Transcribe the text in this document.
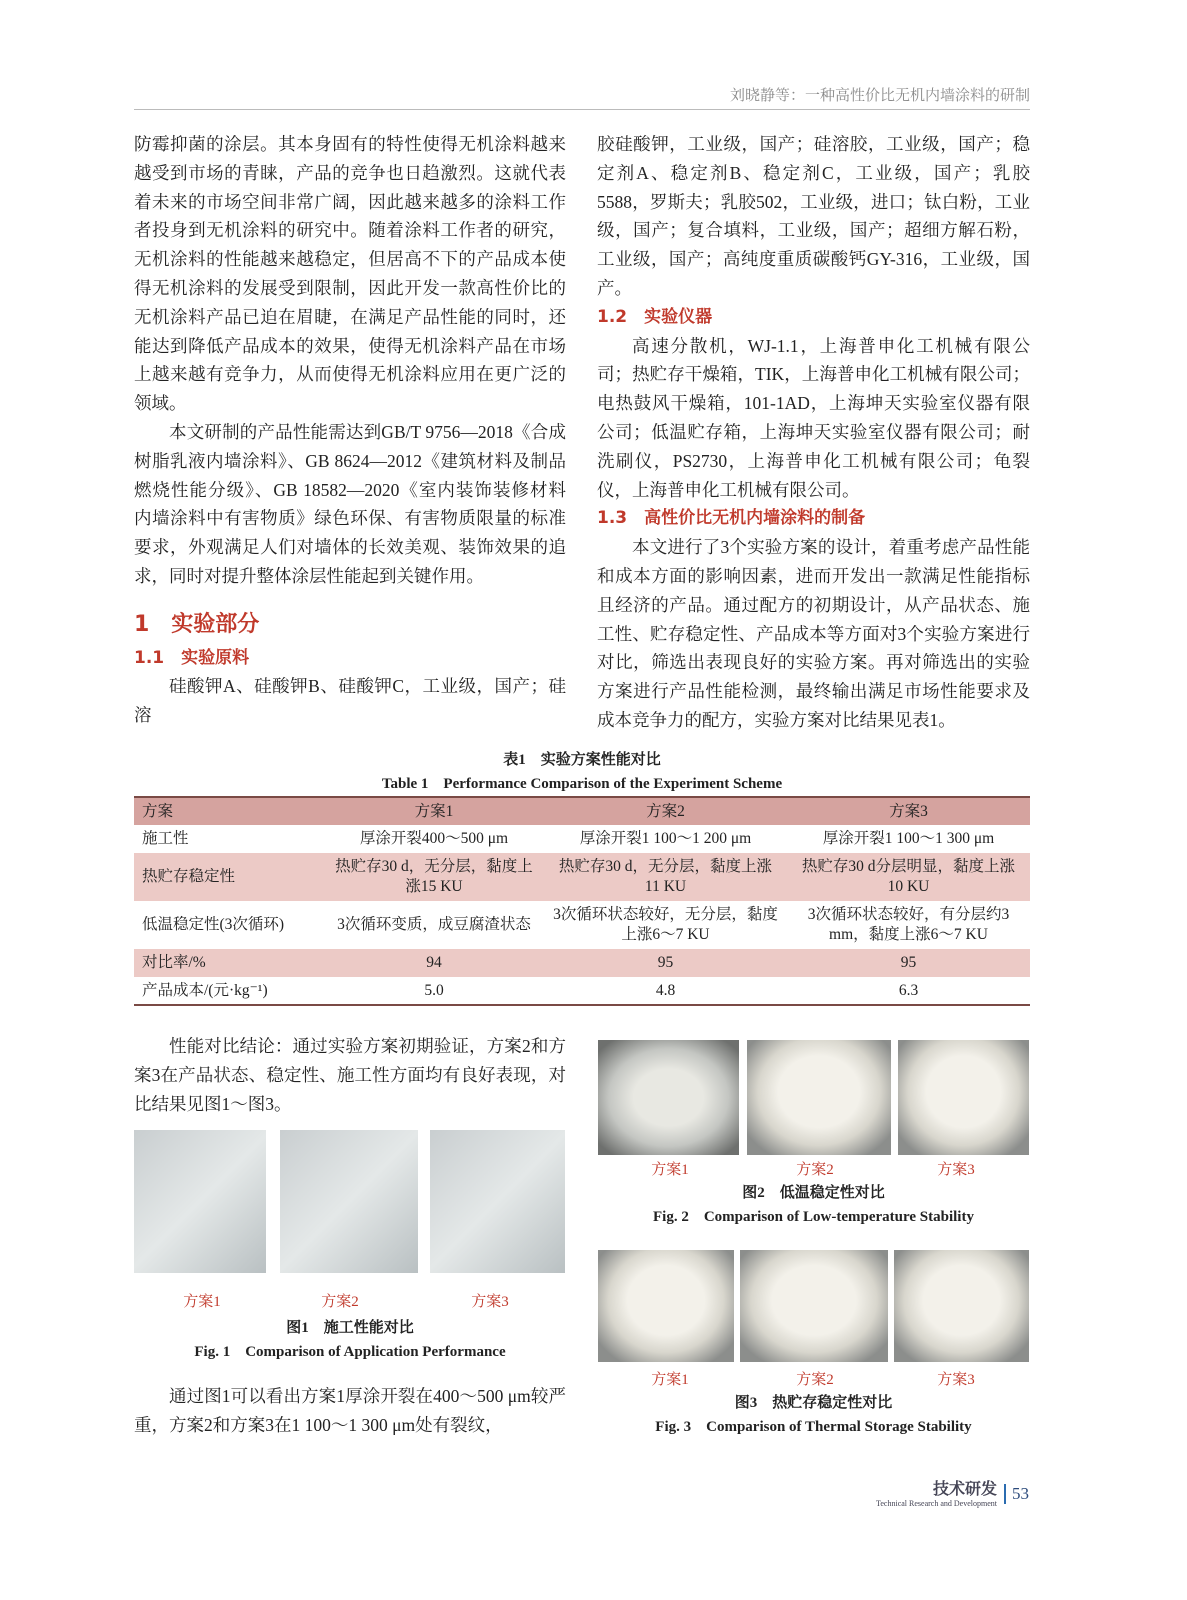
刘晓静等：一种高性价比无机内墙涂料的研制

防霉抑菌的涂层。其本身固有的特性使得无机涂料越来越受到市场的青睐，产品的竞争也日趋激烈。这就代表着未来的市场空间非常广阔，因此越来越多的涂料工作者投身到无机涂料的研究中。随着涂料工作者的研究，无机涂料的性能越来越稳定，但居高不下的产品成本使得无机涂料的发展受到限制，因此开发一款高性价比的无机涂料产品已迫在眉睫，在满足产品性能的同时，还能达到降低产品成本的效果，使得无机涂料产品在市场上越来越有竞争力，从而使得无机涂料应用在更广泛的领域。

本文研制的产品性能需达到GB/T 9756—2018《合成树脂乳液内墙涂料》、GB 8624—2012《建筑材料及制品燃烧性能分级》、GB 18582—2020《室内装饰装修材料　内墙涂料中有害物质》绿色环保、有害物质限量的标准要求，外观满足人们对墙体的长效美观、装饰效果的追求，同时对提升整体涂层性能起到关键作用。

1　实验部分
1.1　实验原料

硅酸钾A、硅酸钾B、硅酸钾C，工业级，国产；硅溶

胶硅酸钾，工业级，国产；硅溶胶，工业级，国产；稳定剂A、稳定剂B、稳定剂C，工业级，国产；乳胶5588，罗斯夫；乳胶502，工业级，进口；钛白粉，工业级，国产；复合填料，工业级，国产；超细方解石粉，工业级，国产；高纯度重质碳酸钙GY-316，工业级，国产。

1.2　实验仪器

高速分散机，WJ-1.1，上海普申化工机械有限公司；热贮存干燥箱，TIK，上海普申化工机械有限公司；电热鼓风干燥箱，101-1AD，上海坤天实验室仪器有限公司；低温贮存箱，上海坤天实验室仪器有限公司；耐洗刷仪，PS2730，上海普申化工机械有限公司；龟裂仪，上海普申化工机械有限公司。

1.3　高性价比无机内墙涂料的制备

本文进行了3个实验方案的设计，着重考虑产品性能和成本方面的影响因素，进而开发出一款满足性能指标且经济的产品。通过配方的初期设计，从产品状态、施工性、贮存稳定性、产品成本等方面对3个实验方案进行对比，筛选出表现良好的实验方案。再对筛选出的实验方案进行产品性能检测，最终输出满足市场性能要求及成本竞争力的配方，实验方案对比结果见表1。

表1　实验方案性能对比
Table 1　Performance Comparison of the Experiment Scheme
方案	方案1	方案2	方案3
施工性	厚涂开裂400～500 μm	厚涂开裂1 100～1 200 μm	厚涂开裂1 100～1 300 μm
热贮存稳定性	热贮存30 d，无分层，黏度上涨15 KU	热贮存30 d，无分层，黏度上涨11 KU	热贮存30 d分层明显，黏度上涨10 KU
低温稳定性(3次循环)	3次循环变质，成豆腐渣状态	3次循环状态较好，无分层，黏度上涨6～7 KU	3次循环状态较好，有分层约3 mm，黏度上涨6～7 KU
对比率/%	94	95	95
产品成本/(元·kg⁻¹)	5.0	4.8	6.3

性能对比结论：通过实验方案初期验证，方案2和方案3在产品状态、稳定性、施工性方面均有良好表现，对比结果见图1～图3。

方案1	方案2	方案3
图1　施工性能对比
Fig. 1　Comparison of Application Performance

通过图1可以看出方案1厚涂开裂在400～500 μm较严重，方案2和方案3在1 100～1 300 μm处有裂纹，

方案1	方案2	方案3
图2　低温稳定性对比
Fig. 2　Comparison of Low-temperature Stability
方案1	方案2	方案3
图3　热贮存稳定性对比
Fig. 3　Comparison of Thermal Storage Stability
技术研发
Technical Research and Development
53
